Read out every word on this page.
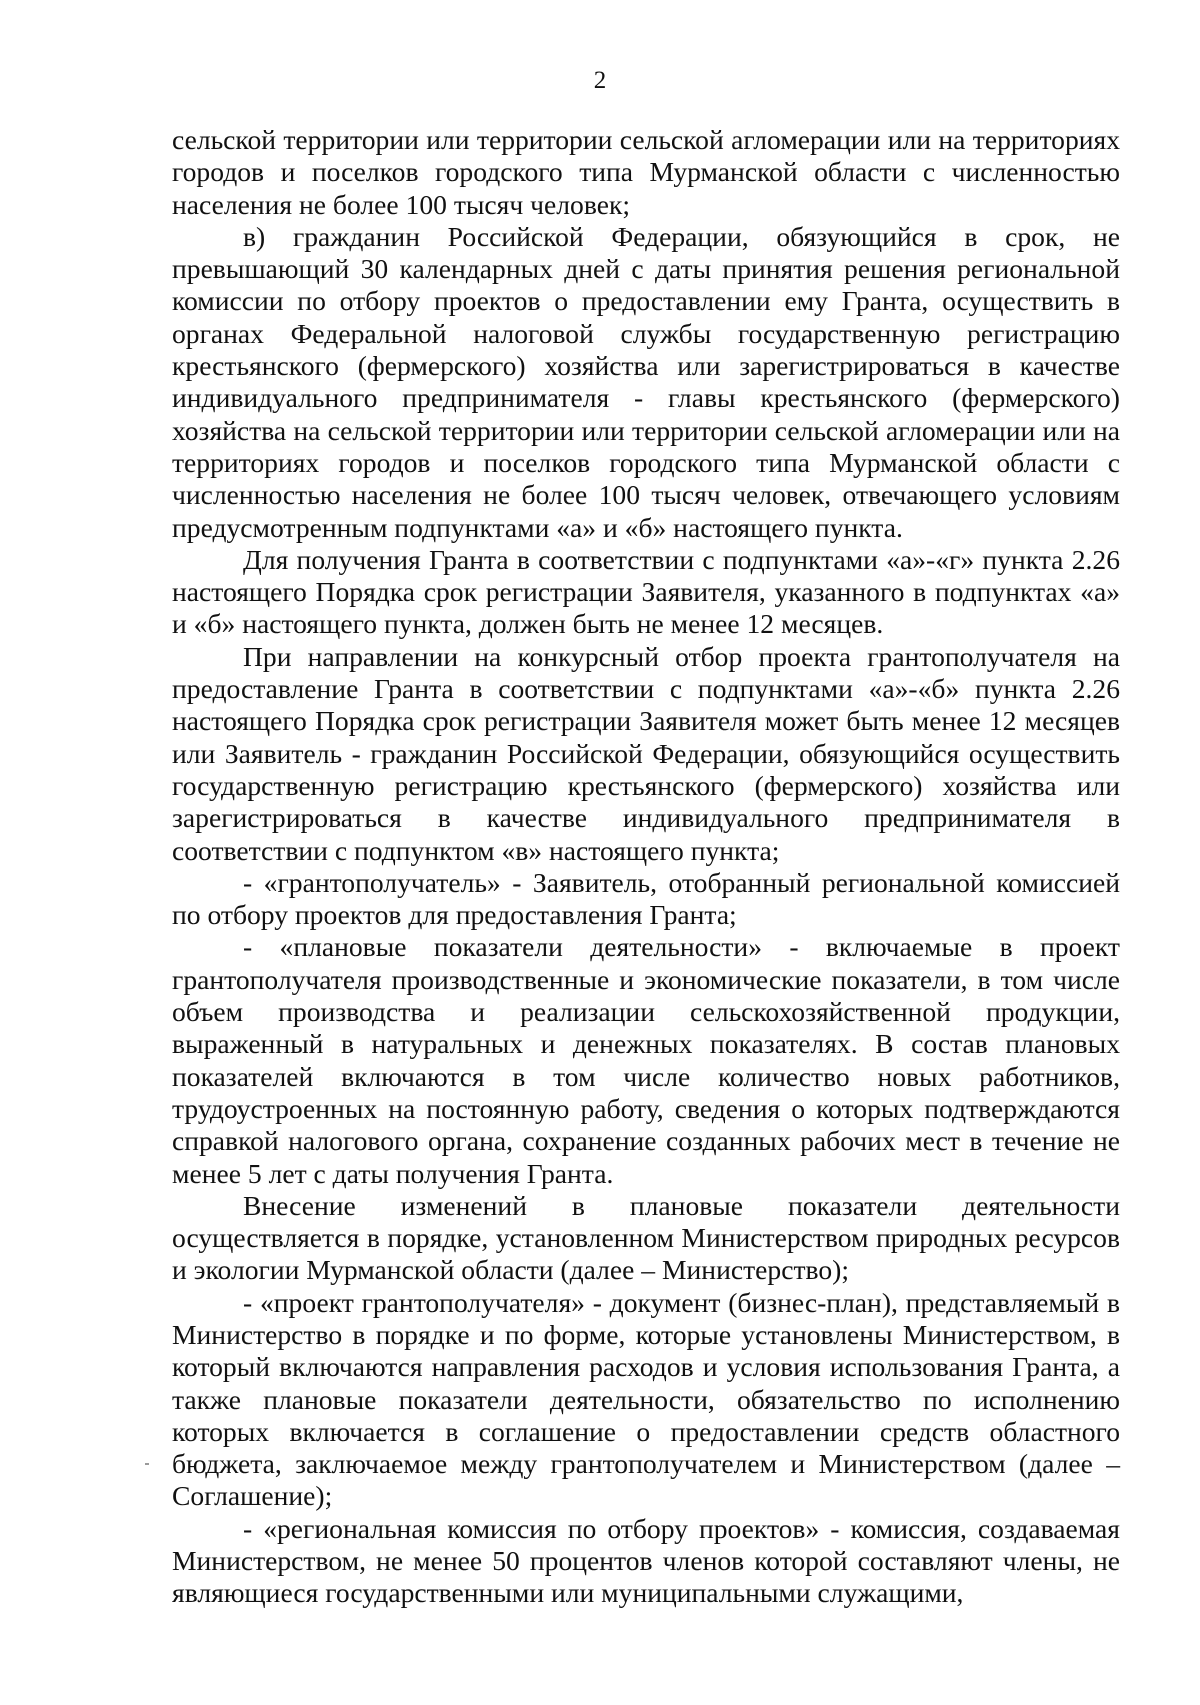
2

сельской территории или территории сельской агломерации или на территориях городов и поселков городского типа Мурманской области с численностью населения не более 100 тысяч человек;

в) гражданин Российской Федерации, обязующийся в срок, не превышающий 30 календарных дней с даты принятия решения региональной комиссии по отбору проектов о предоставлении ему Гранта, осуществить в органах Федеральной налоговой службы государственную регистрацию крестьянского (фермерского) хозяйства или зарегистрироваться в качестве индивидуального предпринимателя - главы крестьянского (фермерского) хозяйства на сельской территории или территории сельской агломерации или на территориях городов и поселков городского типа Мурманской области с численностью населения не более 100 тысяч человек, отвечающего условиям предусмотренным подпунктами «а» и «б» настоящего пункта.

Для получения Гранта в соответствии с подпунктами «а»-«г» пункта 2.26 настоящего Порядка срок регистрации Заявителя, указанного в подпунктах «а» и «б» настоящего пункта, должен быть не менее 12 месяцев.

При направлении на конкурсный отбор проекта грантополучателя на предоставление Гранта в соответствии с подпунктами «а»-«б» пункта 2.26 настоящего Порядка срок регистрации Заявителя может быть менее 12 месяцев или Заявитель - гражданин Российской Федерации, обязующийся осуществить государственную регистрацию крестьянского (фермерского) хозяйства или зарегистрироваться в качестве индивидуального предпринимателя в соответствии с подпунктом «в» настоящего пункта;

- «грантополучатель» - Заявитель, отобранный региональной комиссией по отбору проектов для предоставления Гранта;

- «плановые показатели деятельности» - включаемые в проект грантополучателя производственные и экономические показатели, в том числе объем производства и реализации сельскохозяйственной продукции, выраженный в натуральных и денежных показателях. В состав плановых показателей включаются в том числе количество новых работников, трудоустроенных на постоянную работу, сведения о которых подтверждаются справкой налогового органа, сохранение созданных рабочих мест в течение не менее 5 лет с даты получения Гранта.

Внесение изменений в плановые показатели деятельности осуществляется в порядке, установленном Министерством природных ресурсов и экологии Мурманской области (далее – Министерство);

- «проект грантополучателя» - документ (бизнес-план), представляемый в Министерство в порядке и по форме, которые установлены Министерством, в который включаются направления расходов и условия использования Гранта, а также плановые показатели деятельности, обязательство по исполнению которых включается в соглашение о предоставлении средств областного бюджета, заключаемое между грантополучателем и Министерством (далее – Соглашение);

- «региональная комиссия по отбору проектов» - комиссия, создаваемая Министерством, не менее 50 процентов членов которой составляют члены, не являющиеся государственными или муниципальными служащими,
